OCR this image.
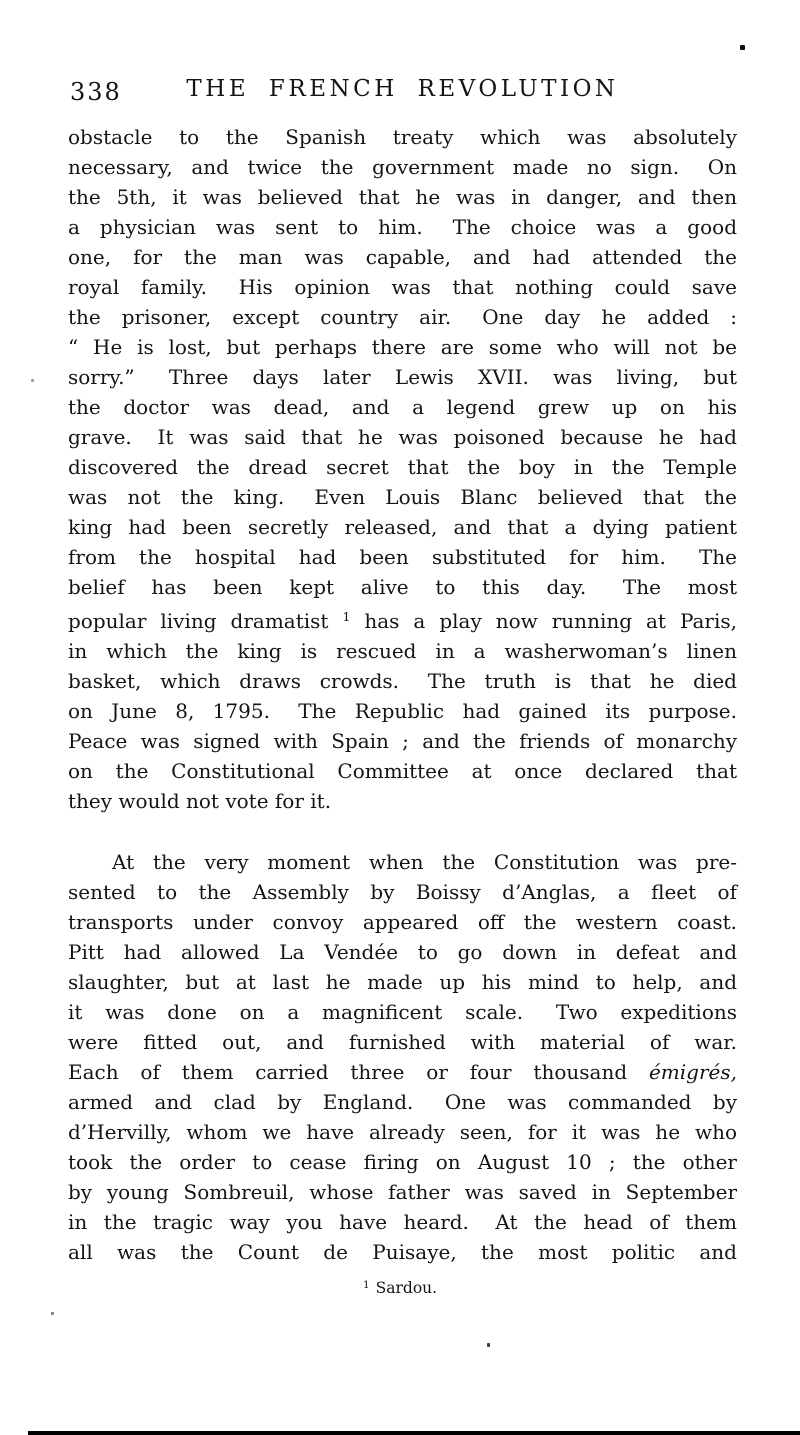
338	THE FRENCH REVOLUTION
obstacle to the Spanish treaty which was absolutely
necessary, and twice the government made no sign.  On
the 5th, it was believed that he was in danger, and then
a physician was sent to him.  The choice was a good
one, for the man was capable, and had attended the
royal family.  His opinion was that nothing could save
the prisoner, except country air.  One day he added :
“ He is lost, but perhaps there are some who will not be
sorry.”  Three days later Lewis XVII. was living, but
the doctor was dead, and a legend grew up on his
grave.  It was said that he was poisoned because he had
discovered the dread secret that the boy in the Temple
was not the king.  Even Louis Blanc believed that the
king had been secretly released, and that a dying patient
from the hospital had been substituted for him.  The
belief has been kept alive to this day.  The most
popular living dramatist $^1$ has a play now running at Paris,
in which the king is rescued in a washerwoman’s linen
basket, which draws crowds.  The truth is that he died
on June 8, 1795.  The Republic had gained its purpose.
Peace was signed with Spain ; and the friends of monarchy
on the Constitutional Committee at once declared that
they would not vote for it.
At the very moment when the Constitution was pre-
sented to the Assembly by Boissy d’Anglas, a fleet of
transports under convoy appeared off the western coast.
Pitt had allowed La Vendée to go down in defeat and
slaughter, but at last he made up his mind to help, and
it was done on a magnificent scale.  Two expeditions
were fitted out, and furnished with material of war.
Each of them carried three or four thousand émigrés,
armed and clad by England.  One was commanded by
d’Hervilly, whom we have already seen, for it was he who
took the order to cease firing on August 10 ; the other
by young Sombreuil, whose father was saved in September
in the tragic way you have heard.  At the head of them
all was the Count de Puisaye, the most politic and
$^1$ Sardou.
